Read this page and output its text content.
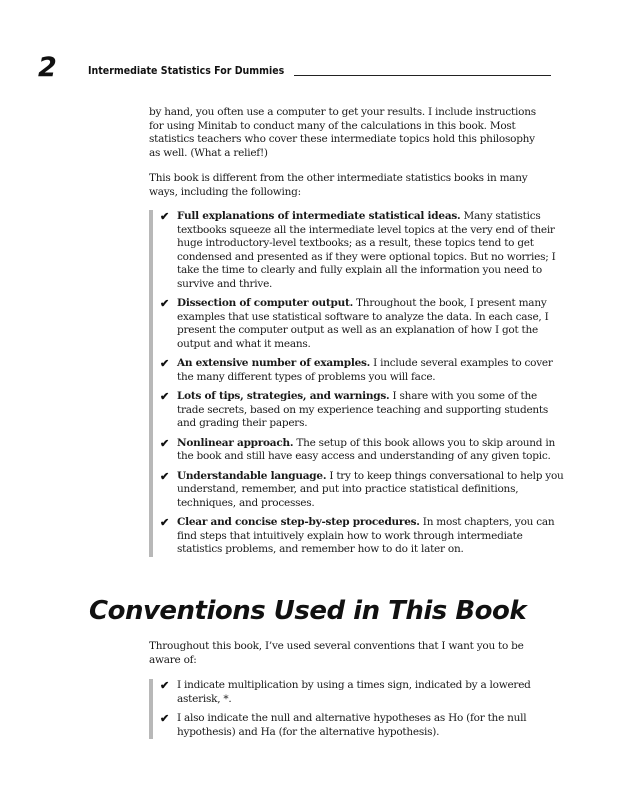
2	Intermediate Statistics For Dummies

by hand, you often use a computer to get your results. I include instructions for using Minitab to conduct many of the calculations in this book. Most statistics teachers who cover these intermediate topics hold this philosophy as well. (What a relief!)

This book is different from the other intermediate statistics books in many ways, including the following:

✔ Full explanations of intermediate statistical ideas. Many statistics textbooks squeeze all the intermediate level topics at the very end of their huge introductory-level textbooks; as a result, these topics tend to get condensed and presented as if they were optional topics. But no worries; I take the time to clearly and fully explain all the information you need to survive and thrive.
✔ Dissection of computer output. Throughout the book, I present many examples that use statistical software to analyze the data. In each case, I present the computer output as well as an explanation of how I got the output and what it means.
✔ An extensive number of examples. I include several examples to cover the many different types of problems you will face.
✔ Lots of tips, strategies, and warnings. I share with you some of the trade secrets, based on my experience teaching and supporting students and grading their papers.
✔ Nonlinear approach. The setup of this book allows you to skip around in the book and still have easy access and understanding of any given topic.
✔ Understandable language. I try to keep things conversational to help you understand, remember, and put into practice statistical definitions, techniques, and processes.
✔ Clear and concise step-by-step procedures. In most chapters, you can find steps that intuitively explain how to work through intermediate statistics problems, and remember how to do it later on.
Conventions Used in This Book

Throughout this book, I’ve used several conventions that I want you to be aware of:

✔ I indicate multiplication by using a times sign, indicated by a lowered asterisk, *.
✔ I also indicate the null and alternative hypotheses as Ho (for the null hypothesis) and Ha (for the alternative hypothesis).
